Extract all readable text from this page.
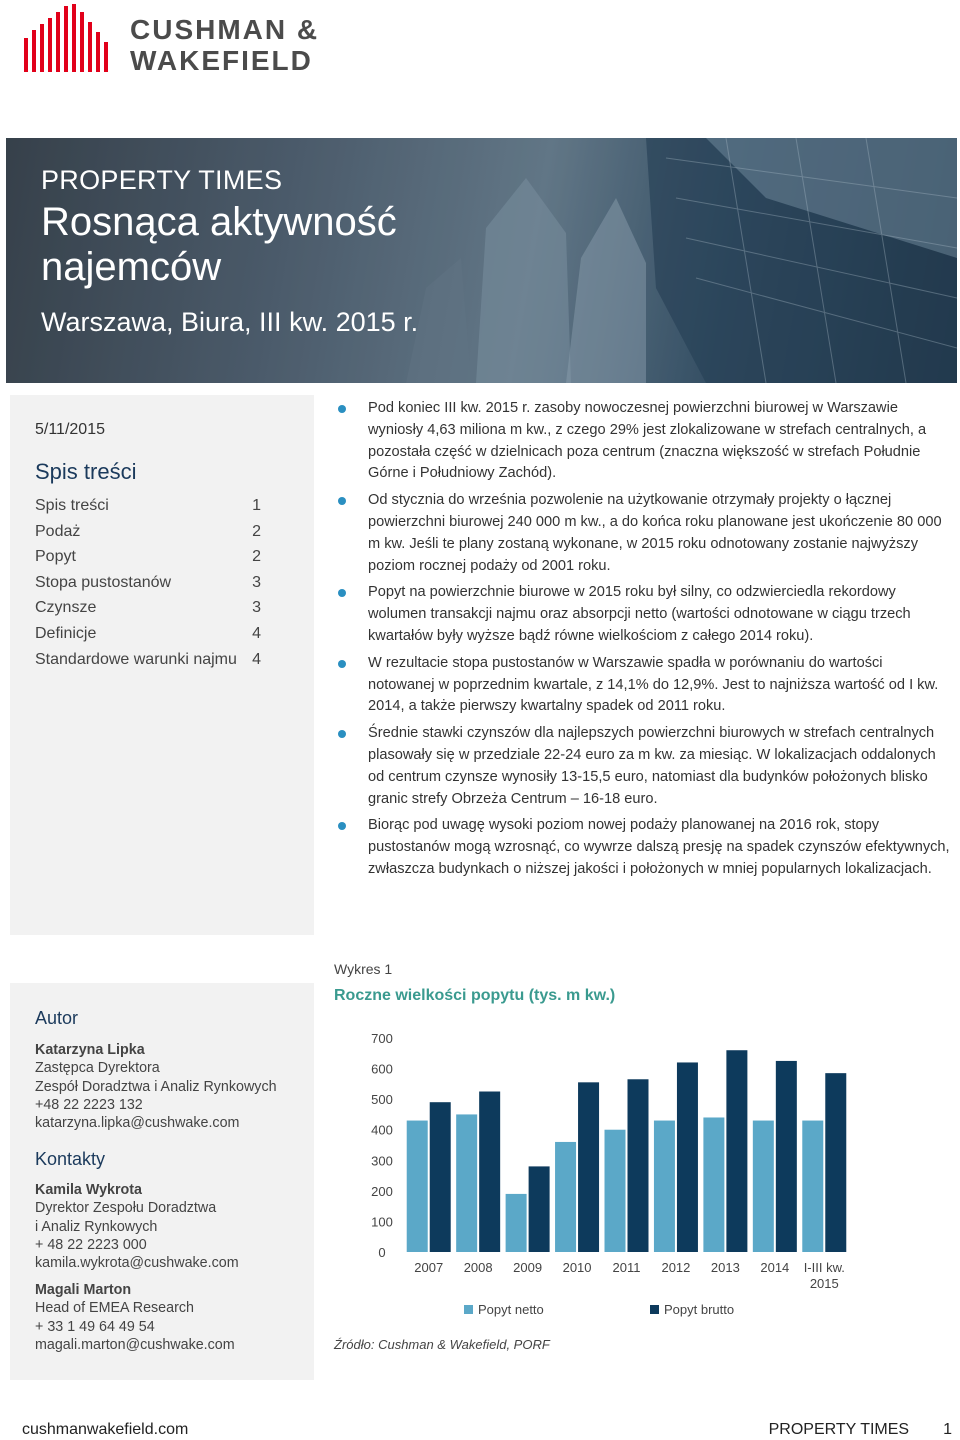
CUSHMAN &
WAKEFIELD
PROPERTY TIMES
Rosnąca aktywność
najemców
Warszawa, Biura, III kw. 2015 r.
5/11/2015
Spis treści
Spis treści	1
Podaż	2
Popyt	2
Stopa pustostanów	3
Czynsze	3
Definicje	4
Standardowe warunki najmu 4
Pod koniec III kw. 2015 r. zasoby nowoczesnej powierzchni biurowej w Warszawie wyniosły 4,63 miliona m kw., z czego 29% jest zlokalizowane w strefach centralnych, a pozostała część w dzielnicach poza centrum (znaczna większość w strefach Południe Górne i Południowy Zachód).
Od stycznia do września pozwolenie na użytkowanie otrzymały projekty o łącznej powierzchni biurowej 240 000 m kw., a do końca roku planowane jest ukończenie 80 000 m kw. Jeśli te plany zostaną wykonane, w 2015 roku odnotowany zostanie najwyższy poziom rocznej podaży od 2001 roku.
Popyt na powierzchnie biurowe w 2015 roku był silny, co odzwierciedla rekordowy wolumen transakcji najmu oraz absorpcji netto (wartości odnotowane w ciągu trzech kwartałów były wyższe bądź równe wielkościom z całego 2014 roku).
W rezultacie stopa pustostanów w Warszawie spadła w porównaniu do wartości notowanej w poprzednim kwartale, z 14,1% do 12,9%. Jest to najniższa wartość od I kw. 2014, a także pierwszy kwartalny spadek od 2011 roku.
Średnie stawki czynszów dla najlepszych powierzchni biurowych w strefach centralnych plasowały się w przedziale 22-24 euro za m kw. za miesiąc. W lokalizacjach oddalonych od centrum czynsze wynosiły 13-15,5 euro, natomiast dla budynków położonych blisko granic strefy Obrzeża Centrum – 16-18 euro.
Biorąc pod uwagę wysoki poziom nowej podaży planowanej na 2016 rok, stopy pustostanów mogą wzrosnąć, co wywrze dalszą presję na spadek czynszów efektywnych, zwłaszcza budynkach o niższej jakości i położonych w mniej popularnych lokalizacjach.
Autor
Katarzyna Lipka
Zastępca Dyrektora
Zespół Doradztwa i Analiz Rynkowych
+48 22 2223 132
katarzyna.lipka@cushwake.com
Kontakty
Kamila Wykrota
Dyrektor Zespołu Doradztwa
i Analiz Rynkowych
+ 48 22 2223 000
kamila.wykrota@cushwake.com
Magali Marton
Head of EMEA Research
+ 33 1 49 64 49 54
magali.marton@cushwake.com
Wykres 1
Roczne wielkości popytu (tys. m kw.)
0
100
200
300
400
500
600
700
2007 2008 2009 2010 2011 2012 2013 2014 I-III kw.
2015
Popyt netto	Popyt brutto
Źródło: Cushman & Wakefield, PORF
cushmanwakefield.com	PROPERTY TIMES 1
